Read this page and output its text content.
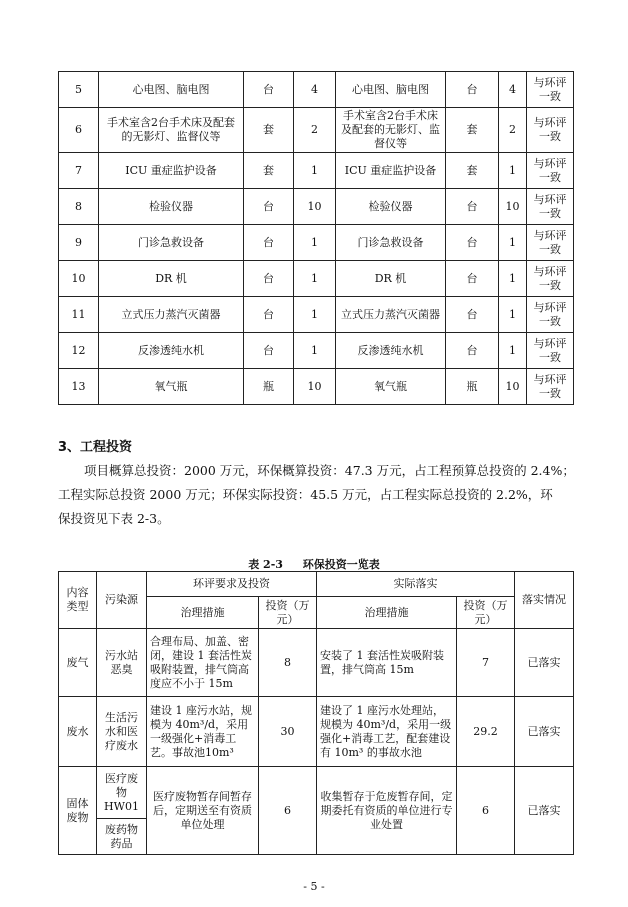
5	心电图、脑电图	台	4	心电图、脑电图	台	4	与环评一致
6	手术室含2台手术床及配套的无影灯、监督仪等	套	2	手术室含2台手术床及配套的无影灯、监督仪等	套	2	与环评一致
7	ICU 重症监护设备	套	1	ICU 重症监护设备	套	1	与环评一致
8	检验仪器	台	10	检验仪器	台	10	与环评一致
9	门诊急救设备	台	1	门诊急救设备	台	1	与环评一致
10	DR 机	台	1	DR 机	台	1	与环评一致
11	立式压力蒸汽灭菌器	台	1	立式压力蒸汽灭菌器	台	1	与环评一致
12	反渗透纯水机	台	1	反渗透纯水机	台	1	与环评一致
13	氧气瓶	瓶	10	氧气瓶	瓶	10	与环评一致
3、工程投资
项目概算总投资：2000 万元，环保概算投资：47.3 万元，占工程预算总投资的 2.4%；
工程实际总投资 2000 万元；环保实际投资：45.5 万元，占工程实际总投资的 2.2%，环
保投资见下表 2-3。
表 2-3 环保投资一览表
内容类型	污染源	环评要求及投资		实际落实		落实情况
		治理措施	投资（万元）	治理措施	投资（万元）	
废气	污水站恶臭	合理布局、加盖、密闭，建设 1 套活性炭吸附装置，排气筒高度应不小于 15m	8	安装了 1 套活性炭吸附装置，排气筒高 15m	7	已落实
废水	生活污水和医疗废水	建设 1 座污水站，规模为 40m³/d，采用一级强化+消毒工艺。事故池10m³	30	建设了 1 座污水处理站，规模为 40m³/d，采用一级强化+消毒工艺，配套建设有 10m³ 的事故水池	29.2	已落实
固体废物	医疗废物HW01	医疗废物暂存间暂存后，定期送至有资质单位处理	6	收集暂存于危废暂存间，定期委托有资质的单位进行专业处置	6	已落实
	废药物药品					
- 5 -
